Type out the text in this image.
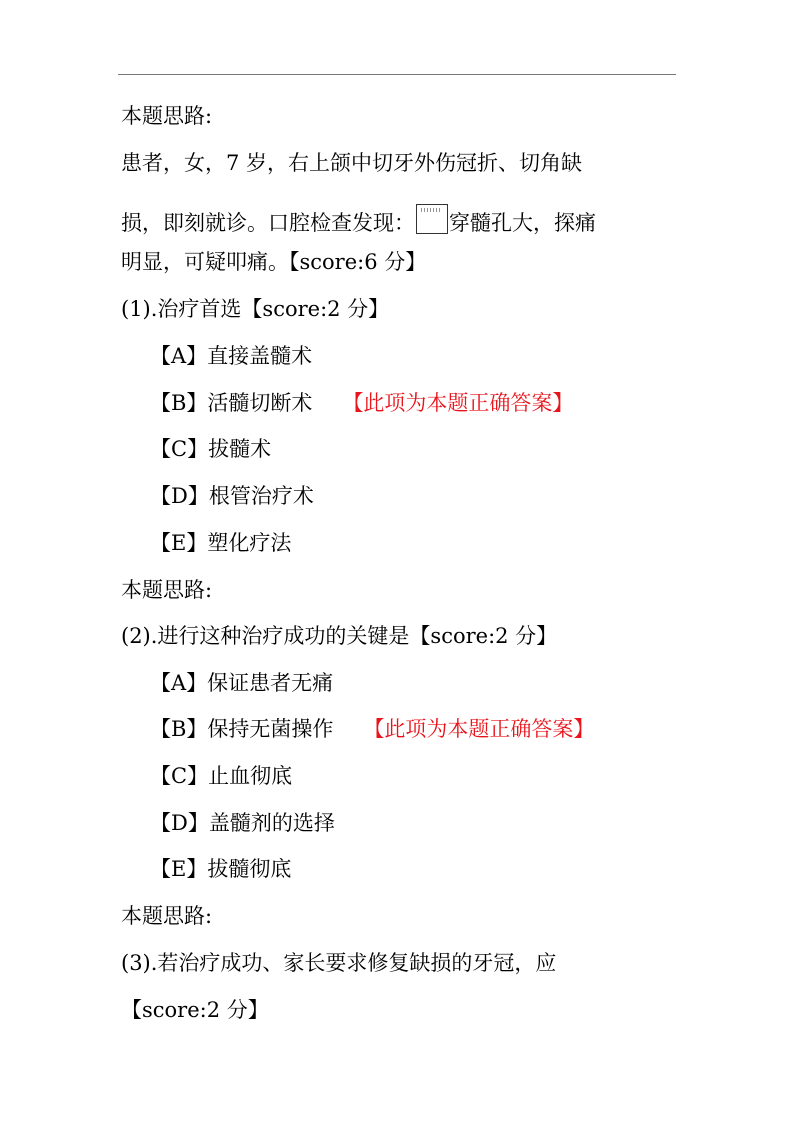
本题思路:
患者，女，7 岁，右上颌中切牙外伤冠折、切角缺
损，即刻就诊。口腔检查发现： 穿髓孔大，探痛
明显，可疑叩痛。【score:6 分】
(1).治疗首选【score:2 分】
【A】直接盖髓术
【B】活髓切断术 【此项为本题正确答案】
【C】拔髓术
【D】根管治疗术
【E】塑化疗法
本题思路:
(2).进行这种治疗成功的关键是【score:2 分】
【A】保证患者无痛
【B】保持无菌操作 【此项为本题正确答案】
【C】止血彻底
【D】盖髓剂的选择
【E】拔髓彻底
本题思路:
(3).若治疗成功、家长要求修复缺损的牙冠，应
【score:2 分】
